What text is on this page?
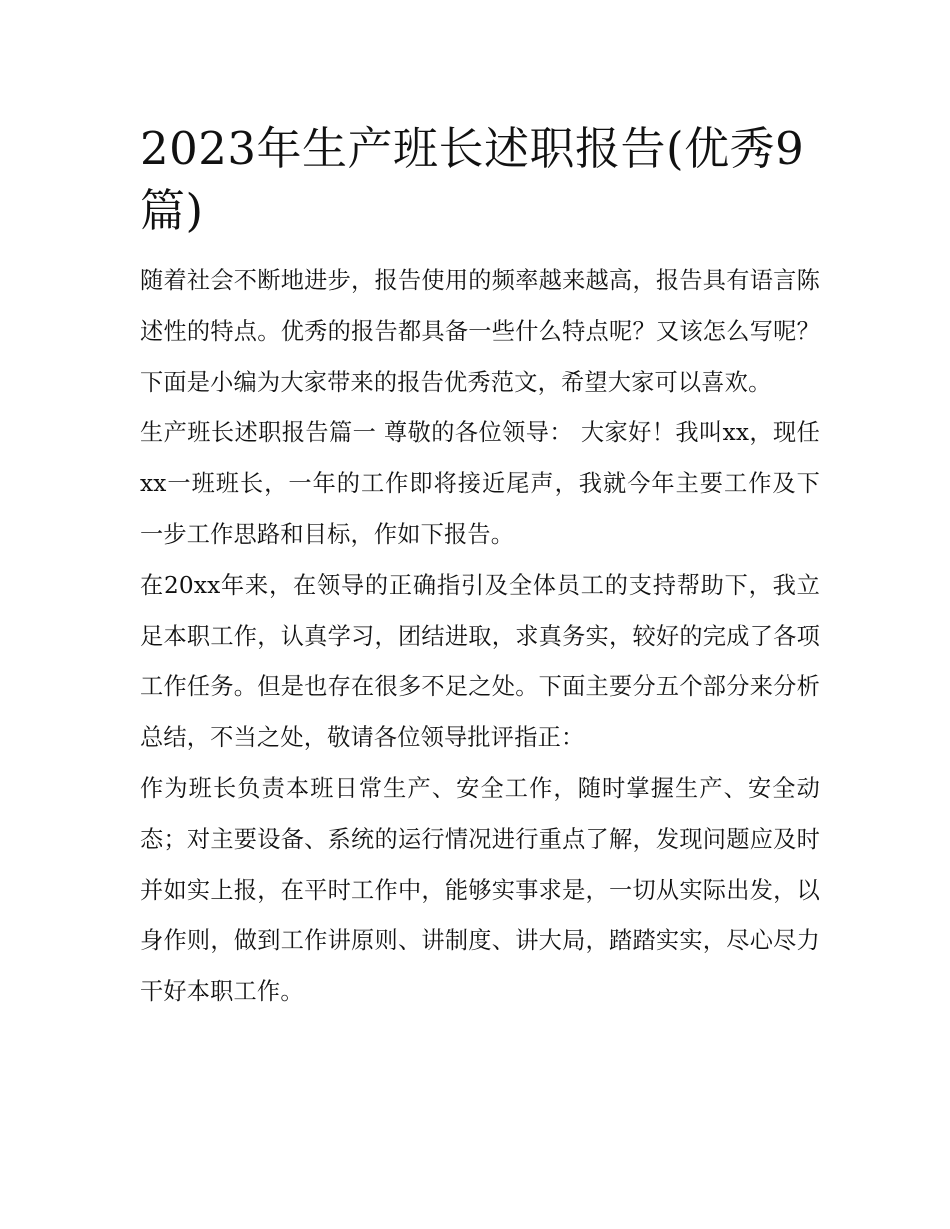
2023年生产班长述职报告(优秀9篇)

随着社会不断地进步，报告使用的频率越来越高，报告具有语言陈述性的特点。优秀的报告都具备一些什么特点呢？又该怎么写呢？下面是小编为大家带来的报告优秀范文，希望大家可以喜欢。

生产班长述职报告篇一 尊敬的各位领导： 大家好！我叫xx，现任xx一班班长，一年的工作即将接近尾声，我就今年主要工作及下一步工作思路和目标，作如下报告。

在20xx年来，在领导的正确指引及全体员工的支持帮助下，我立足本职工作，认真学习，团结进取，求真务实，较好的完成了各项工作任务。但是也存在很多不足之处。下面主要分五个部分来分析总结，不当之处，敬请各位领导批评指正：

作为班长负责本班日常生产、安全工作，随时掌握生产、安全动态；对主要设备、系统的运行情况进行重点了解，发现问题应及时并如实上报，在平时工作中，能够实事求是，一切从实际出发，以身作则，做到工作讲原则、讲制度、讲大局，踏踏实实，尽心尽力干好本职工作。
